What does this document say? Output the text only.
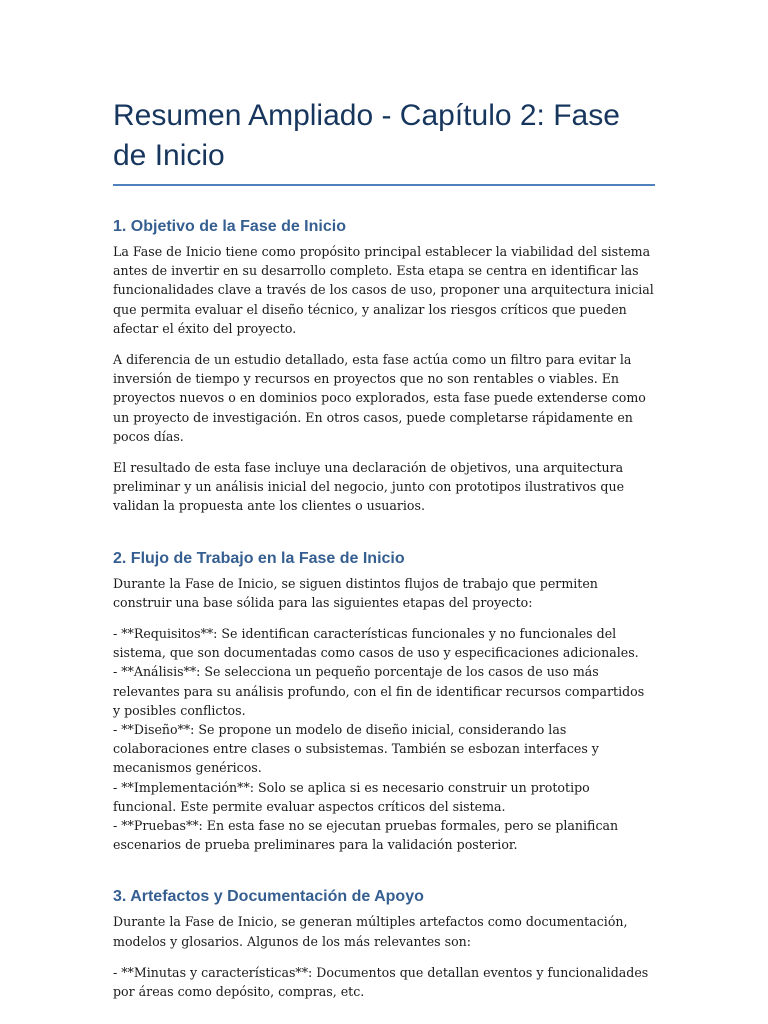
Resumen Ampliado - Capítulo 2: Fase de Inicio
1. Objetivo de la Fase de Inicio

La Fase de Inicio tiene como propósito principal establecer la viabilidad del sistema antes de invertir en su desarrollo completo. Esta etapa se centra en identificar las funcionalidades clave a través de los casos de uso, proponer una arquitectura inicial que permita evaluar el diseño técnico, y analizar los riesgos críticos que pueden afectar el éxito del proyecto.

A diferencia de un estudio detallado, esta fase actúa como un filtro para evitar la inversión de tiempo y recursos en proyectos que no son rentables o viables. En proyectos nuevos o en dominios poco explorados, esta fase puede extenderse como un proyecto de investigación. En otros casos, puede completarse rápidamente en pocos días.

El resultado de esta fase incluye una declaración de objetivos, una arquitectura preliminar y un análisis inicial del negocio, junto con prototipos ilustrativos que validan la propuesta ante los clientes o usuarios.

2. Flujo de Trabajo en la Fase de Inicio

Durante la Fase de Inicio, se siguen distintos flujos de trabajo que permiten construir una base sólida para las siguientes etapas del proyecto:

- **Requisitos**: Se identifican características funcionales y no funcionales del sistema, que son documentadas como casos de uso y especificaciones adicionales.
- **Análisis**: Se selecciona un pequeño porcentaje de los casos de uso más relevantes para su análisis profundo, con el fin de identificar recursos compartidos y posibles conflictos.
- **Diseño**: Se propone un modelo de diseño inicial, considerando las colaboraciones entre clases o subsistemas. También se esbozan interfaces y mecanismos genéricos.
- **Implementación**: Solo se aplica si es necesario construir un prototipo funcional. Este permite evaluar aspectos críticos del sistema.
- **Pruebas**: En esta fase no se ejecutan pruebas formales, pero se planifican escenarios de prueba preliminares para la validación posterior.
3. Artefactos y Documentación de Apoyo

Durante la Fase de Inicio, se generan múltiples artefactos como documentación, modelos y glosarios. Algunos de los más relevantes son:

- **Minutas y características**: Documentos que detallan eventos y funcionalidades por áreas como depósito, compras, etc.
